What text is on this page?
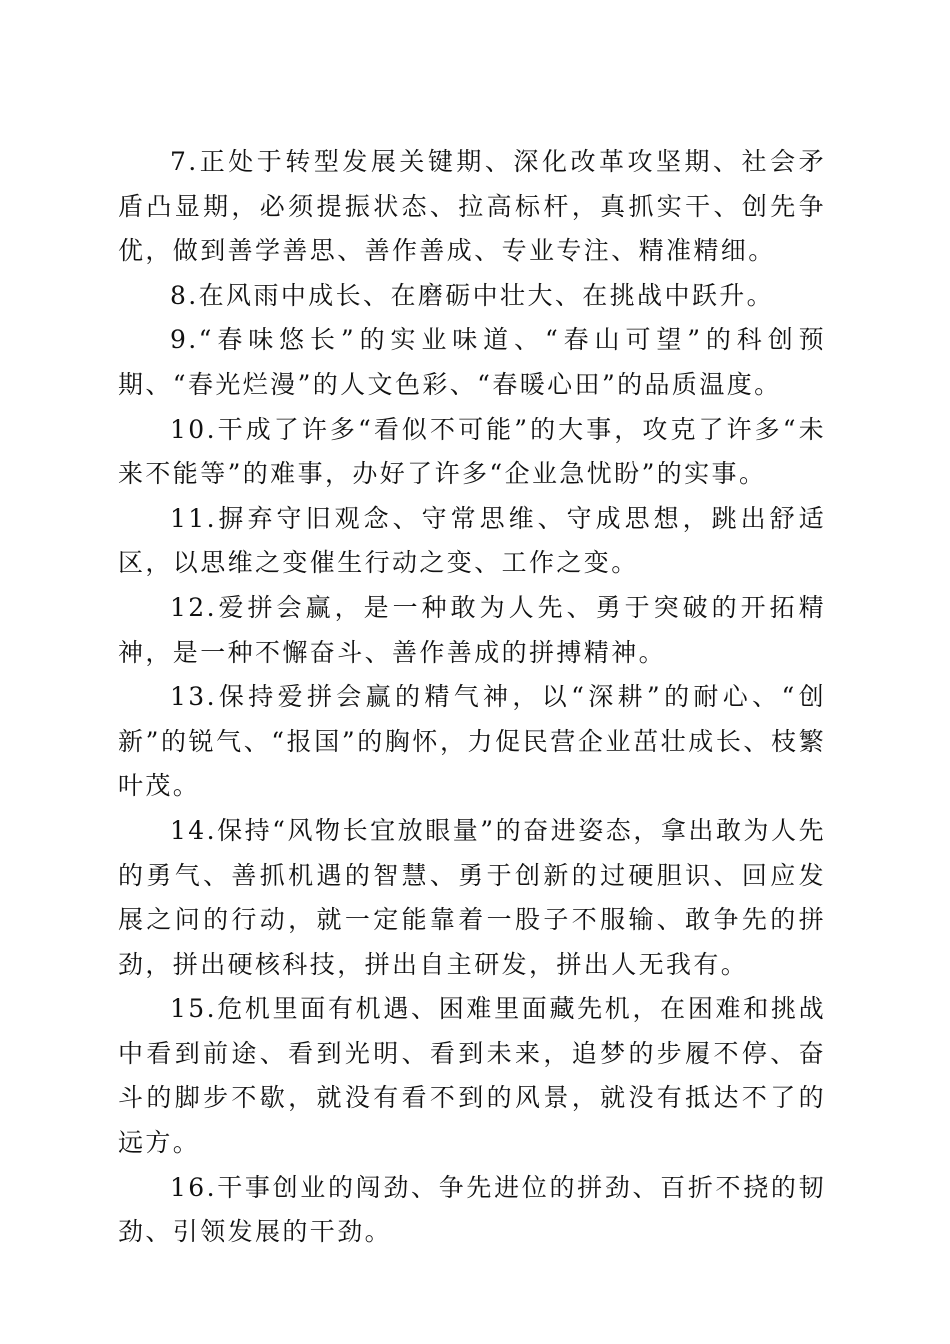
7.正处于转型发展关键期、深化改革攻坚期、社会矛盾凸显期，必须提振状态、拉高标杆，真抓实干、创先争优，做到善学善思、善作善成、专业专注、精准精细。

8.在风雨中成长、在磨砺中壮大、在挑战中跃升。

9.“春味悠长”的实业味道、“春山可望”的科创预期、“春光烂漫”的人文色彩、“春暖心田”的品质温度。

10.干成了许多“看似不可能”的大事，攻克了许多“未来不能等”的难事，办好了许多“企业急忧盼”的实事。

11.摒弃守旧观念、守常思维、守成思想，跳出舒适区，以思维之变催生行动之变、工作之变。

12.爱拼会赢，是一种敢为人先、勇于突破的开拓精神，是一种不懈奋斗、善作善成的拼搏精神。

13.保持爱拼会赢的精气神，以“深耕”的耐心、“创新”的锐气、“报国”的胸怀，力促民营企业茁壮成长、枝繁叶茂。

14.保持“风物长宜放眼量”的奋进姿态，拿出敢为人先的勇气、善抓机遇的智慧、勇于创新的过硬胆识、回应发展之问的行动，就一定能靠着一股子不服输、敢争先的拼劲，拼出硬核科技，拼出自主研发，拼出人无我有。

15.危机里面有机遇、困难里面藏先机，在困难和挑战中看到前途、看到光明、看到未来，追梦的步履不停、奋斗的脚步不歇，就没有看不到的风景，就没有抵达不了的远方。

16.干事创业的闯劲、争先进位的拼劲、百折不挠的韧劲、引领发展的干劲。
